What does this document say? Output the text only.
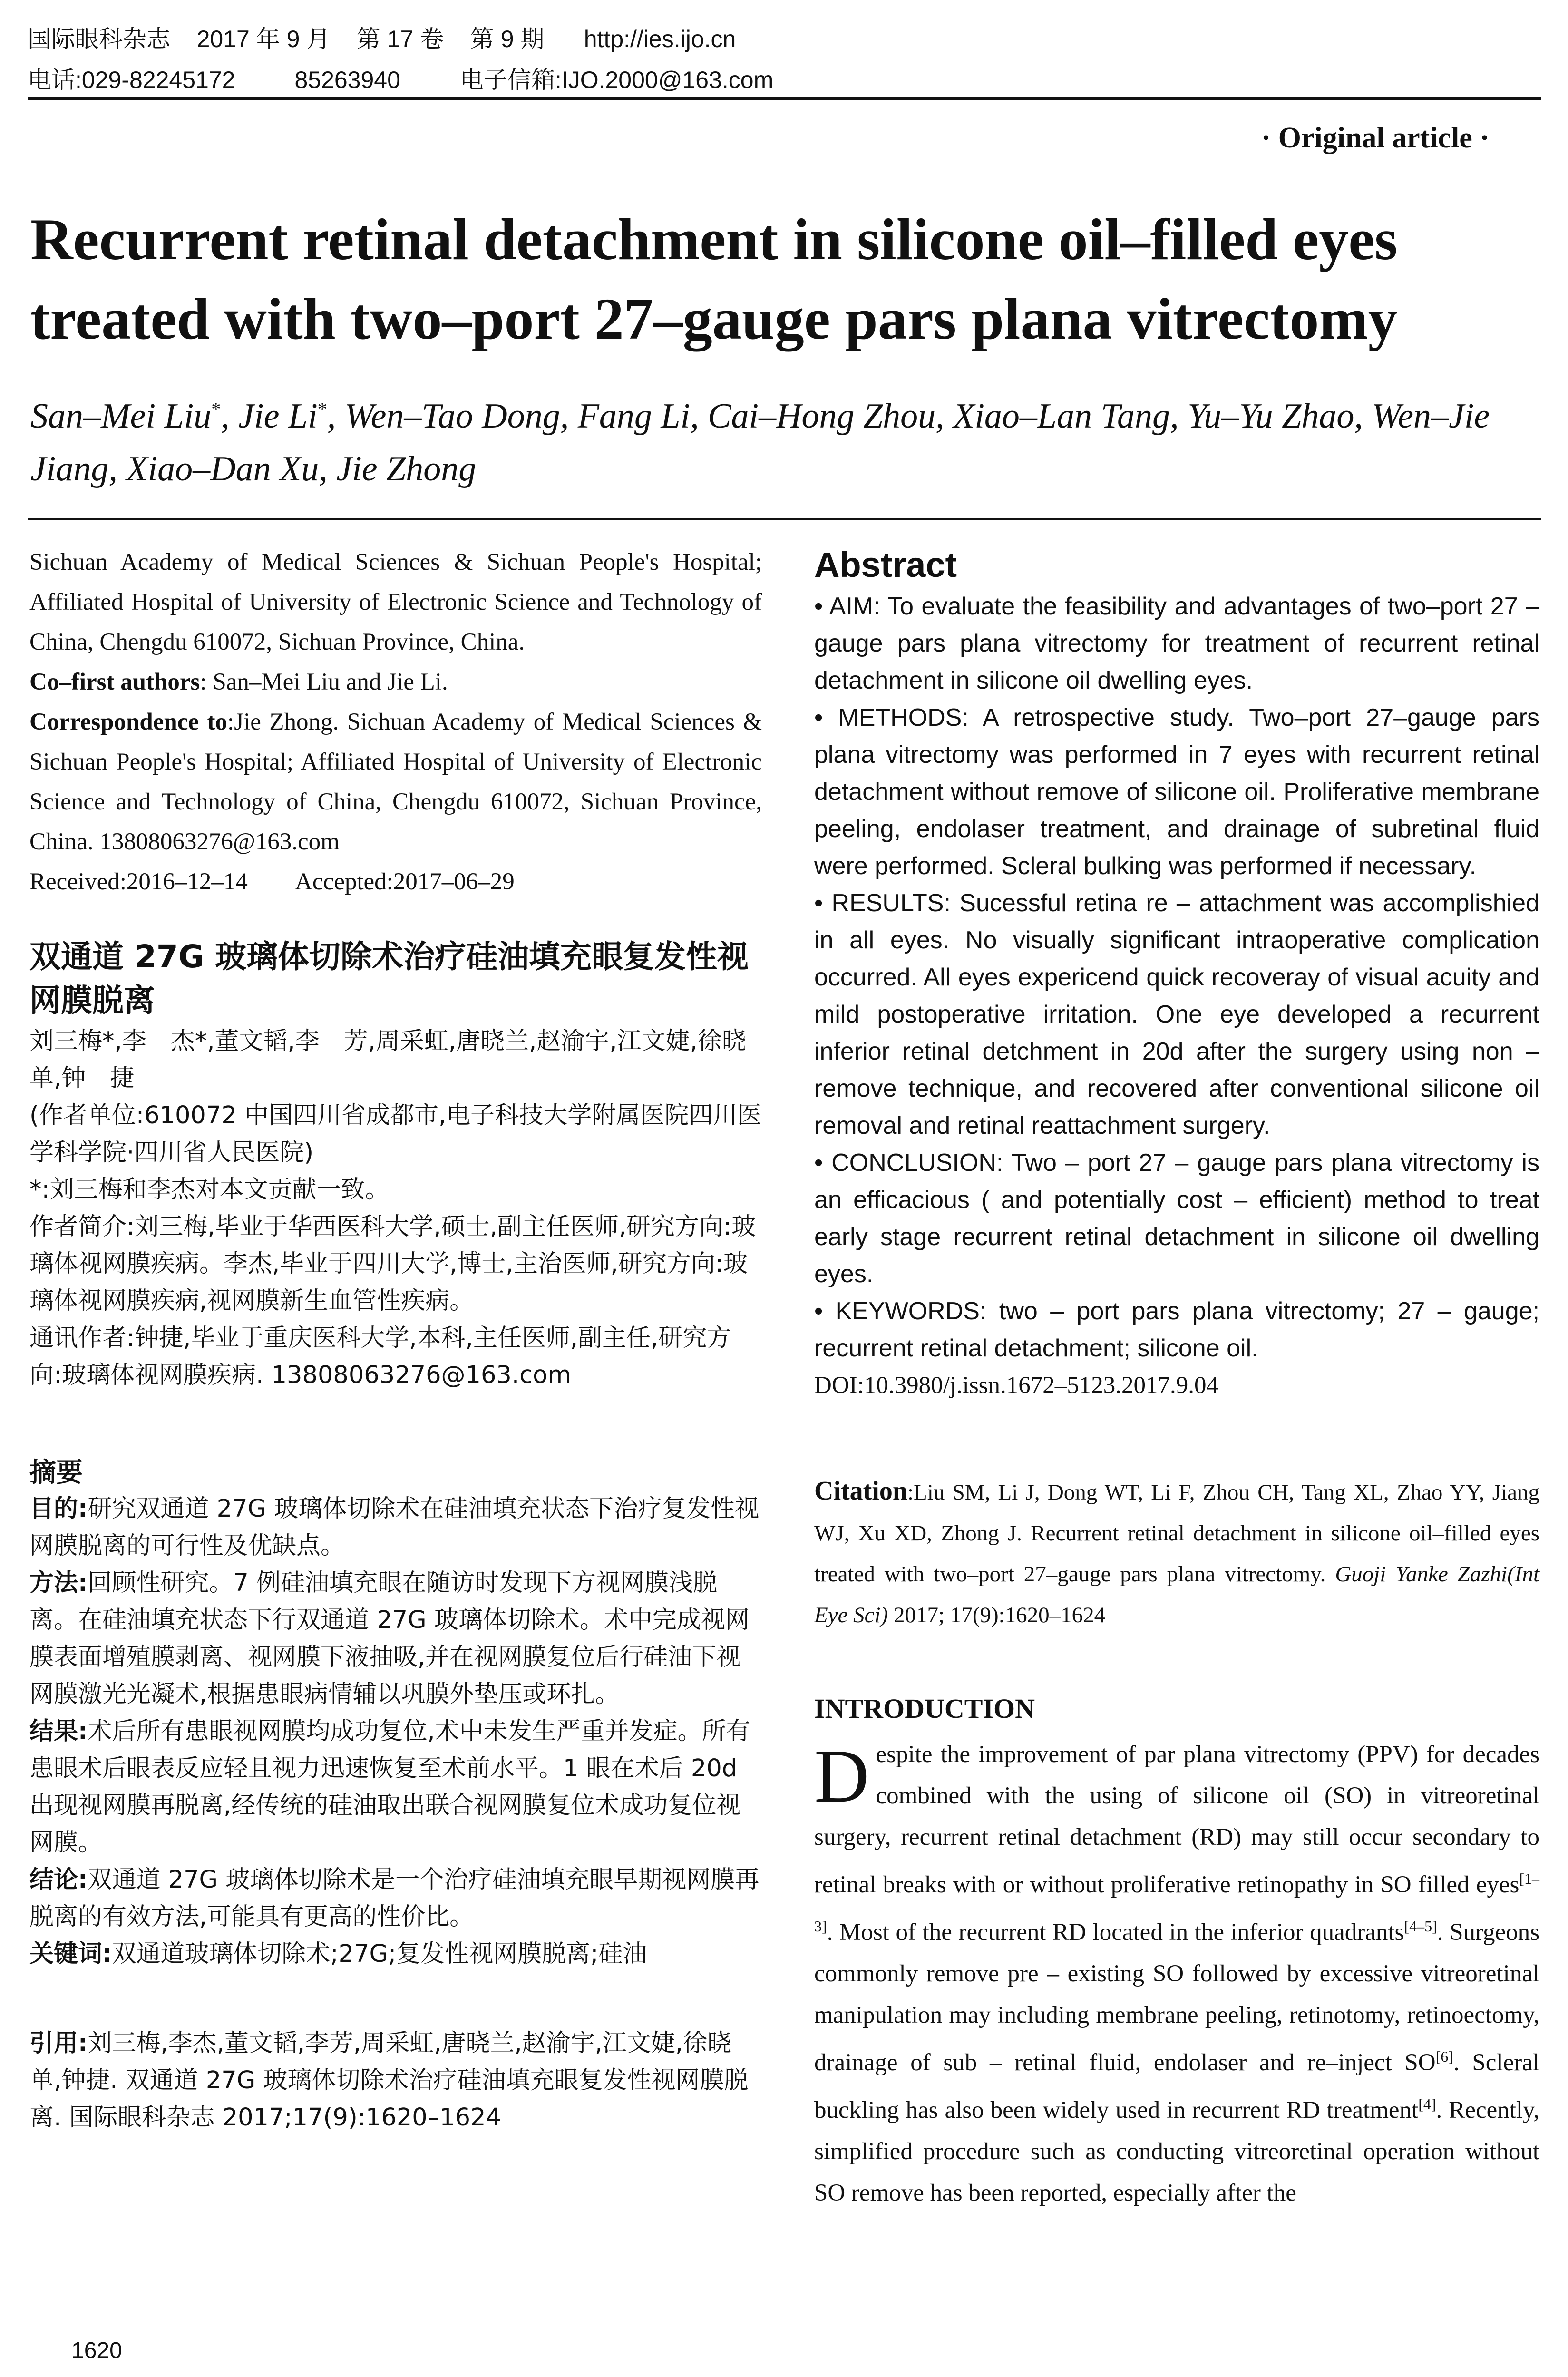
国际眼科杂志    2017 年 9 月    第 17 卷    第 9 期      http://ies.ijo.cn
电话:029-82245172         85263940         电子信箱:IJO.2000@163.com
· Original article ·
Recurrent retinal detachment in silicone oil–filled eyes treated with two–port 27–gauge pars plana vitrectomy
San–Mei Liu*, Jie Li*, Wen–Tao Dong, Fang Li, Cai–Hong Zhou, Xiao–Lan Tang, Yu–Yu Zhao, Wen–Jie Jiang, Xiao–Dan Xu, Jie Zhong
Sichuan Academy of Medical Sciences & Sichuan People's Hospital; Affiliated Hospital of University of Electronic Science and Technology of China, Chengdu 610072, Sichuan Province, China.
Co–first authors: San–Mei Liu and Jie Li.
Correspondence to:Jie Zhong. Sichuan Academy of Medical Sciences & Sichuan People's Hospital; Affiliated Hospital of University of Electronic Science and Technology of China, Chengdu 610072, Sichuan Province, China. 13808063276@163.com
Received:2016–12–14        Accepted:2017–06–29
双通道 27G 玻璃体切除术治疗硅油填充眼复发性视网膜脱离
刘三梅*,李　杰*,董文韬,李　芳,周采虹,唐晓兰,赵渝宇,江文婕,徐晓单,钟　捷
(作者单位:610072 中国四川省成都市,电子科技大学附属医院四川医学科学院·四川省人民医院)
*:刘三梅和李杰对本文贡献一致。
作者简介:刘三梅,毕业于华西医科大学,硕士,副主任医师,研究方向:玻璃体视网膜疾病。李杰,毕业于四川大学,博士,主治医师,研究方向:玻璃体视网膜疾病,视网膜新生血管性疾病。
通讯作者:钟捷,毕业于重庆医科大学,本科,主任医师,副主任,研究方向:玻璃体视网膜疾病. 13808063276@163.com
摘要
目的:研究双通道 27G 玻璃体切除术在硅油填充状态下治疗复发性视网膜脱离的可行性及优缺点。
方法:回顾性研究。7 例硅油填充眼在随访时发现下方视网膜浅脱离。在硅油填充状态下行双通道 27G 玻璃体切除术。术中完成视网膜表面增殖膜剥离、视网膜下液抽吸,并在视网膜复位后行硅油下视网膜激光光凝术,根据患眼病情辅以巩膜外垫压或环扎。
结果:术后所有患眼视网膜均成功复位,术中未发生严重并发症。所有患眼术后眼表反应轻且视力迅速恢复至术前水平。1 眼在术后 20d 出现视网膜再脱离,经传统的硅油取出联合视网膜复位术成功复位视网膜。
结论:双通道 27G 玻璃体切除术是一个治疗硅油填充眼早期视网膜再脱离的有效方法,可能具有更高的性价比。
关键词:双通道玻璃体切除术;27G;复发性视网膜脱离;硅油
引用:刘三梅,李杰,董文韬,李芳,周采虹,唐晓兰,赵渝宇,江文婕,徐晓单,钟捷. 双通道 27G 玻璃体切除术治疗硅油填充眼复发性视网膜脱离. 国际眼科杂志 2017;17(9):1620–1624
Abstract
• AIM: To evaluate the feasibility and advantages of two–port 27 – gauge pars plana vitrectomy for treatment of recurrent retinal detachment in silicone oil dwelling eyes.
• METHODS: A retrospective study. Two–port 27–gauge pars plana vitrectomy was performed in 7 eyes with recurrent retinal detachment without remove of silicone oil. Proliferative membrane peeling, endolaser treatment, and drainage of subretinal fluid were performed. Scleral bulking was performed if necessary.
• RESULTS: Sucessful retina re – attachment was accomplishied in all eyes. No visually significant intraoperative complication occurred. All eyes expericend quick recoveray of visual acuity and mild postoperative irritation. One eye developed a recurrent inferior retinal detchment in 20d after the surgery using non – remove technique, and recovered after conventional silicone oil removal and retinal reattachment surgery.
• CONCLUSION: Two – port 27 – gauge pars plana vitrectomy is an efficacious ( and potentially cost – efficient) method to treat early stage recurrent retinal detachment in silicone oil dwelling eyes.
• KEYWORDS: two – port pars plana vitrectomy; 27 – gauge; recurrent retinal detachment; silicone oil.
DOI:10.3980/j.issn.1672–5123.2017.9.04
Citation:Liu SM, Li J, Dong WT, Li F, Zhou CH, Tang XL, Zhao YY, Jiang WJ, Xu XD, Zhong J. Recurrent retinal detachment in silicone oil–filled eyes treated with two–port 27–gauge pars plana vitrectomy. Guoji Yanke Zazhi(Int Eye Sci) 2017; 17(9):1620–1624
INTRODUCTION
Despite the improvement of par plana vitrectomy (PPV) for decades combined with the using of silicone oil (SO) in vitreoretinal surgery, recurrent retinal detachment (RD) may still occur secondary to retinal breaks with or without proliferative retinopathy in SO filled eyes[1–3]. Most of the recurrent RD located in the inferior quadrants[4–5]. Surgeons commonly remove pre – existing SO followed by excessive vitreoretinal manipulation may including membrane peeling, retinotomy, retinoectomy, drainage of sub – retinal fluid, endolaser and re–inject SO[6]. Scleral buckling has also been widely used in recurrent RD treatment[4]. Recently, simplified procedure such as conducting vitreoretinal operation without SO remove has been reported, especially after the
1620
